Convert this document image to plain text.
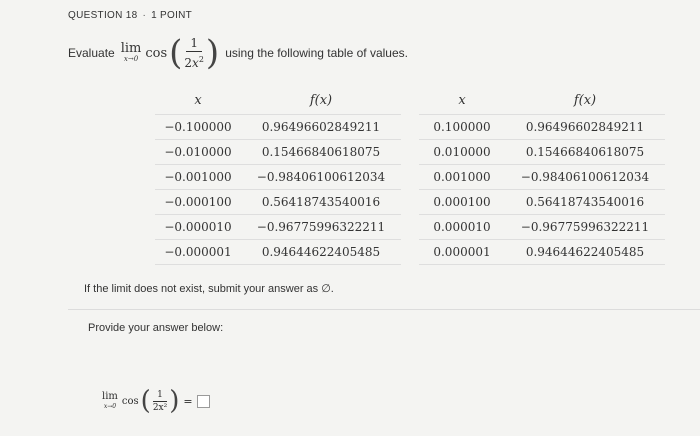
QUESTION 18 · 1 POINT
Evaluate lim
x→0 cos ( $\frac{1}{2x^2}$ ) using the following table of values.
x	f(x)		x	f(x)
−0.100000	0.96496602849211		0.100000	0.96496602849211
−0.010000	0.15466840618075		0.010000	0.15466840618075
−0.001000	−0.98406100612034		0.001000	−0.98406100612034
−0.000100	0.56418743540016		0.000100	0.56418743540016
−0.000010	−0.96775996322211		0.000010	−0.96775996322211
−0.000001	0.94644622405485		0.000001	0.94644622405485
If the limit does not exist, submit your answer as ∅.
Provide your answer below:
lim
x→0 cos ( $\frac{1}{\text{2x²}}$ ) =
